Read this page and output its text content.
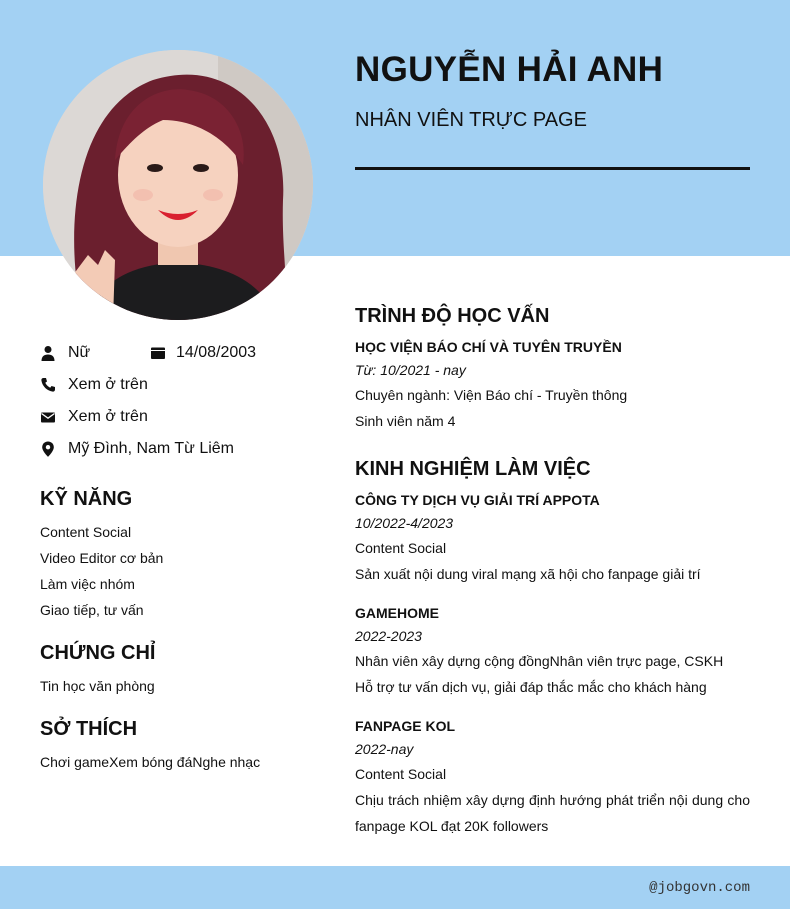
NGUYỄN HẢI ANH
NHÂN VIÊN TRỰC PAGE
Nữ	14/08/2003
Xem ở trên
Xem ở trên
Mỹ Đình, Nam Từ Liêm
KỸ NĂNG
Content Social
Video Editor cơ bản
Làm việc nhóm
Giao tiếp, tư vấn
CHỨNG CHỈ
Tin học văn phòng
SỞ THÍCH
Chơi gameXem bóng đáNghe nhạc
TRÌNH ĐỘ HỌC VẤN
HỌC VIỆN BÁO CHÍ VÀ TUYÊN TRUYỀN
Từ: 10/2021 - nay
Chuyên ngành: Viện Báo chí - Truyền thông
Sinh viên năm 4
KINH NGHIỆM LÀM VIỆC
CÔNG TY DỊCH VỤ GIẢI TRÍ APPOTA
10/2022-4/2023
Content Social
Sản xuất nội dung viral mạng xã hội cho fanpage giải trí
GAMEHOME
2022-2023
Nhân viên xây dựng cộng đồngNhân viên trực page, CSKH
Hỗ trợ tư vấn dịch vụ, giải đáp thắc mắc cho khách hàng
FANPAGE KOL
2022-nay
Content Social
Chịu trách nhiệm xây dựng định hướng phát triển nội dung cho fanpage KOL đạt 20K followers
@jobgovn.com
